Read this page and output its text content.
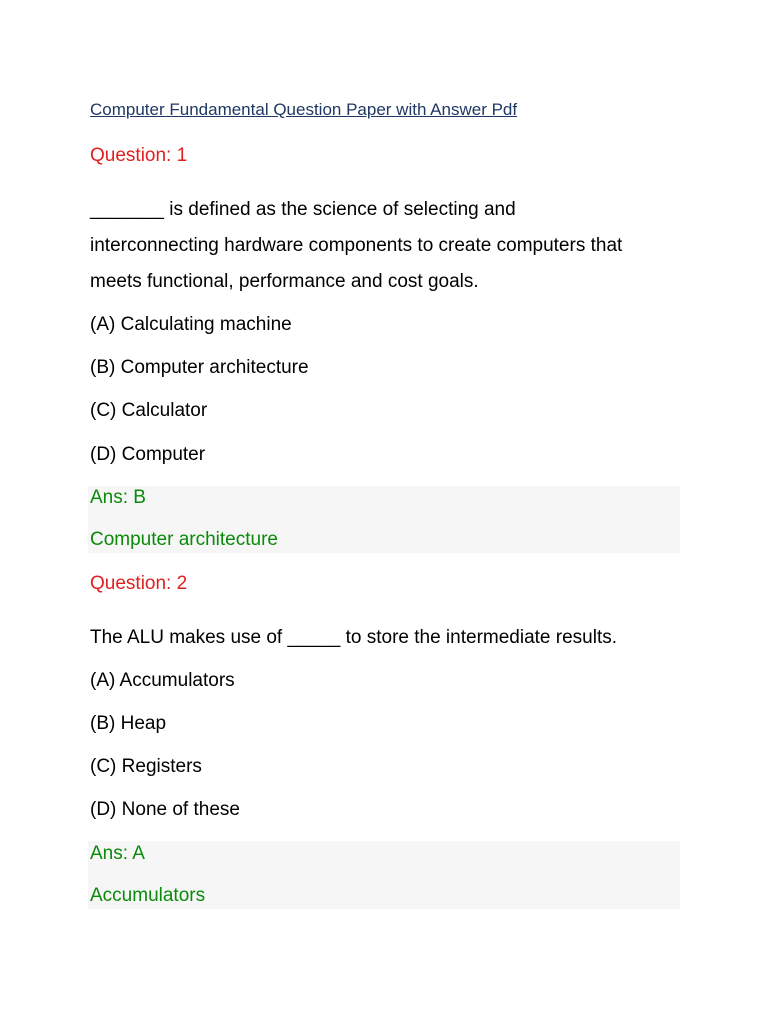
Computer Fundamental Question Paper with Answer Pdf
Question: 1
_______ is defined as the science of selecting and
interconnecting hardware components to create computers that
meets functional, performance and cost goals.
(A) Calculating machine
(B) Computer architecture
(C) Calculator
(D) Computer
Ans: B
Computer architecture
Question: 2
The ALU makes use of _____ to store the intermediate results.
(A) Accumulators
(B) Heap
(C) Registers
(D) None of these
Ans: A
Accumulators
